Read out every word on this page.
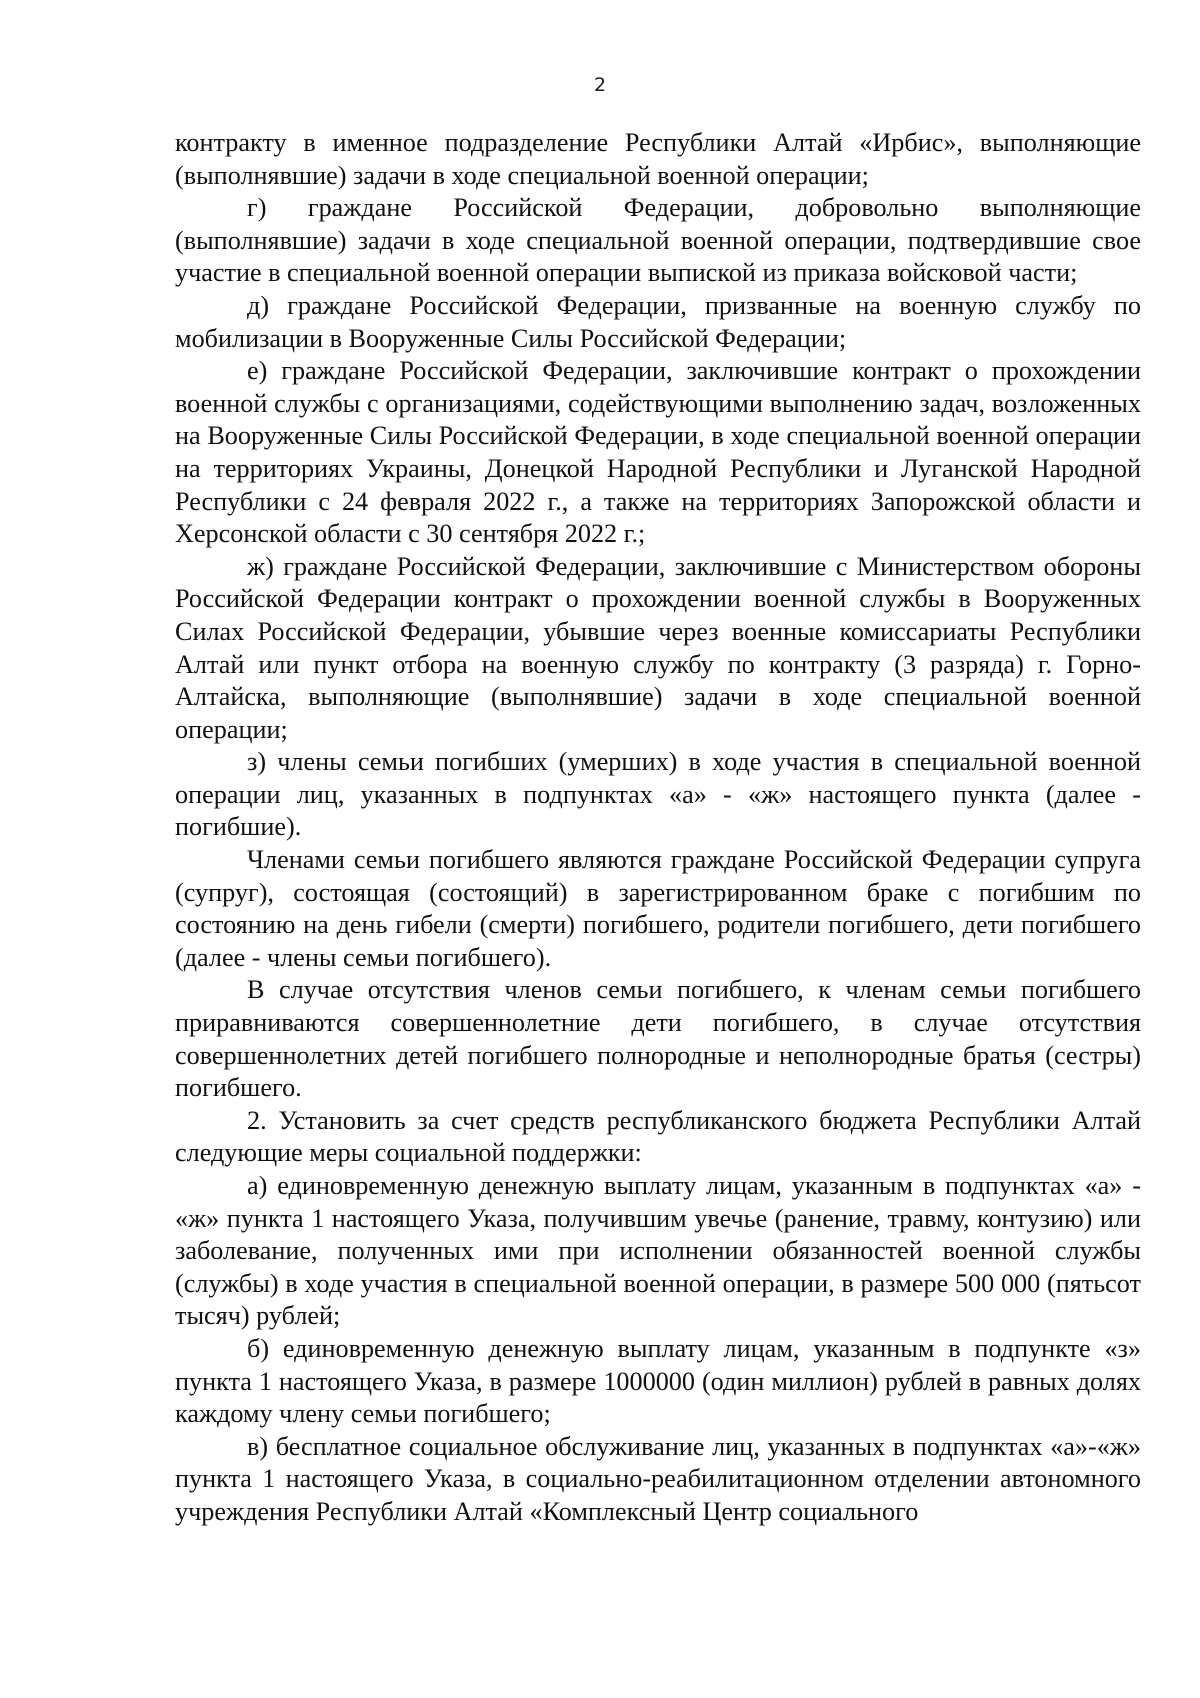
2

контракту в именное подразделение Республики Алтай «Ирбис», выполняющие (выполнявшие) задачи в ходе специальной военной операции;

г) граждане Российской Федерации, добровольно выполняющие (выполнявшие) задачи в ходе специальной военной операции, подтвердившие свое участие в специальной военной операции выпиской из приказа войсковой части;

д) граждане Российской Федерации, призванные на военную службу по мобилизации в Вооруженные Силы Российской Федерации;

е) граждане Российской Федерации, заключившие контракт о прохождении военной службы с организациями, содействующими выполнению задач, возложенных на Вооруженные Силы Российской Федерации, в ходе специальной военной операции на территориях Украины, Донецкой Народной Республики и Луганской Народной Республики с 24 февраля 2022 г., а также на территориях Запорожской области и Херсонской области с 30 сентября 2022 г.;

ж) граждане Российской Федерации, заключившие с Министерством обороны Российской Федерации контракт о прохождении военной службы в Вооруженных Силах Российской Федерации, убывшие через военные комиссариаты Республики Алтай или пункт отбора на военную службу по контракту (3 разряда) г. Горно-Алтайска, выполняющие (выполнявшие) задачи в ходе специальной военной операции;

з) члены семьи погибших (умерших) в ходе участия в специальной военной операции лиц, указанных в подпунктах «а» - «ж» настоящего пункта (далее - погибшие).

Членами семьи погибшего являются граждане Российской Федерации супруга (супруг), состоящая (состоящий) в зарегистрированном браке с погибшим по состоянию на день гибели (смерти) погибшего, родители погибшего, дети погибшего (далее - члены семьи погибшего).

В случае отсутствия членов семьи погибшего, к членам семьи погибшего приравниваются совершеннолетние дети погибшего, в случае отсутствия совершеннолетних детей погибшего полнородные и неполнородные братья (сестры) погибшего.

2. Установить за счет средств республиканского бюджета Республики Алтай следующие меры социальной поддержки:

а) единовременную денежную выплату лицам, указанным в подпунктах «а» - «ж» пункта 1 настоящего Указа, получившим увечье (ранение, травму, контузию) или заболевание, полученных ими при исполнении обязанностей военной службы (службы) в ходе участия в специальной военной операции, в размере 500 000 (пятьсот тысяч) рублей;

б) единовременную денежную выплату лицам, указанным в подпункте «з» пункта 1 настоящего Указа, в размере 1000000 (один миллион) рублей в равных долях каждому члену семьи погибшего;

в) бесплатное социальное обслуживание лиц, указанных в подпунктах «а»-«ж» пункта 1 настоящего Указа, в социально-реабилитационном отделении автономного учреждения Республики Алтай «Комплексный Центр социального
